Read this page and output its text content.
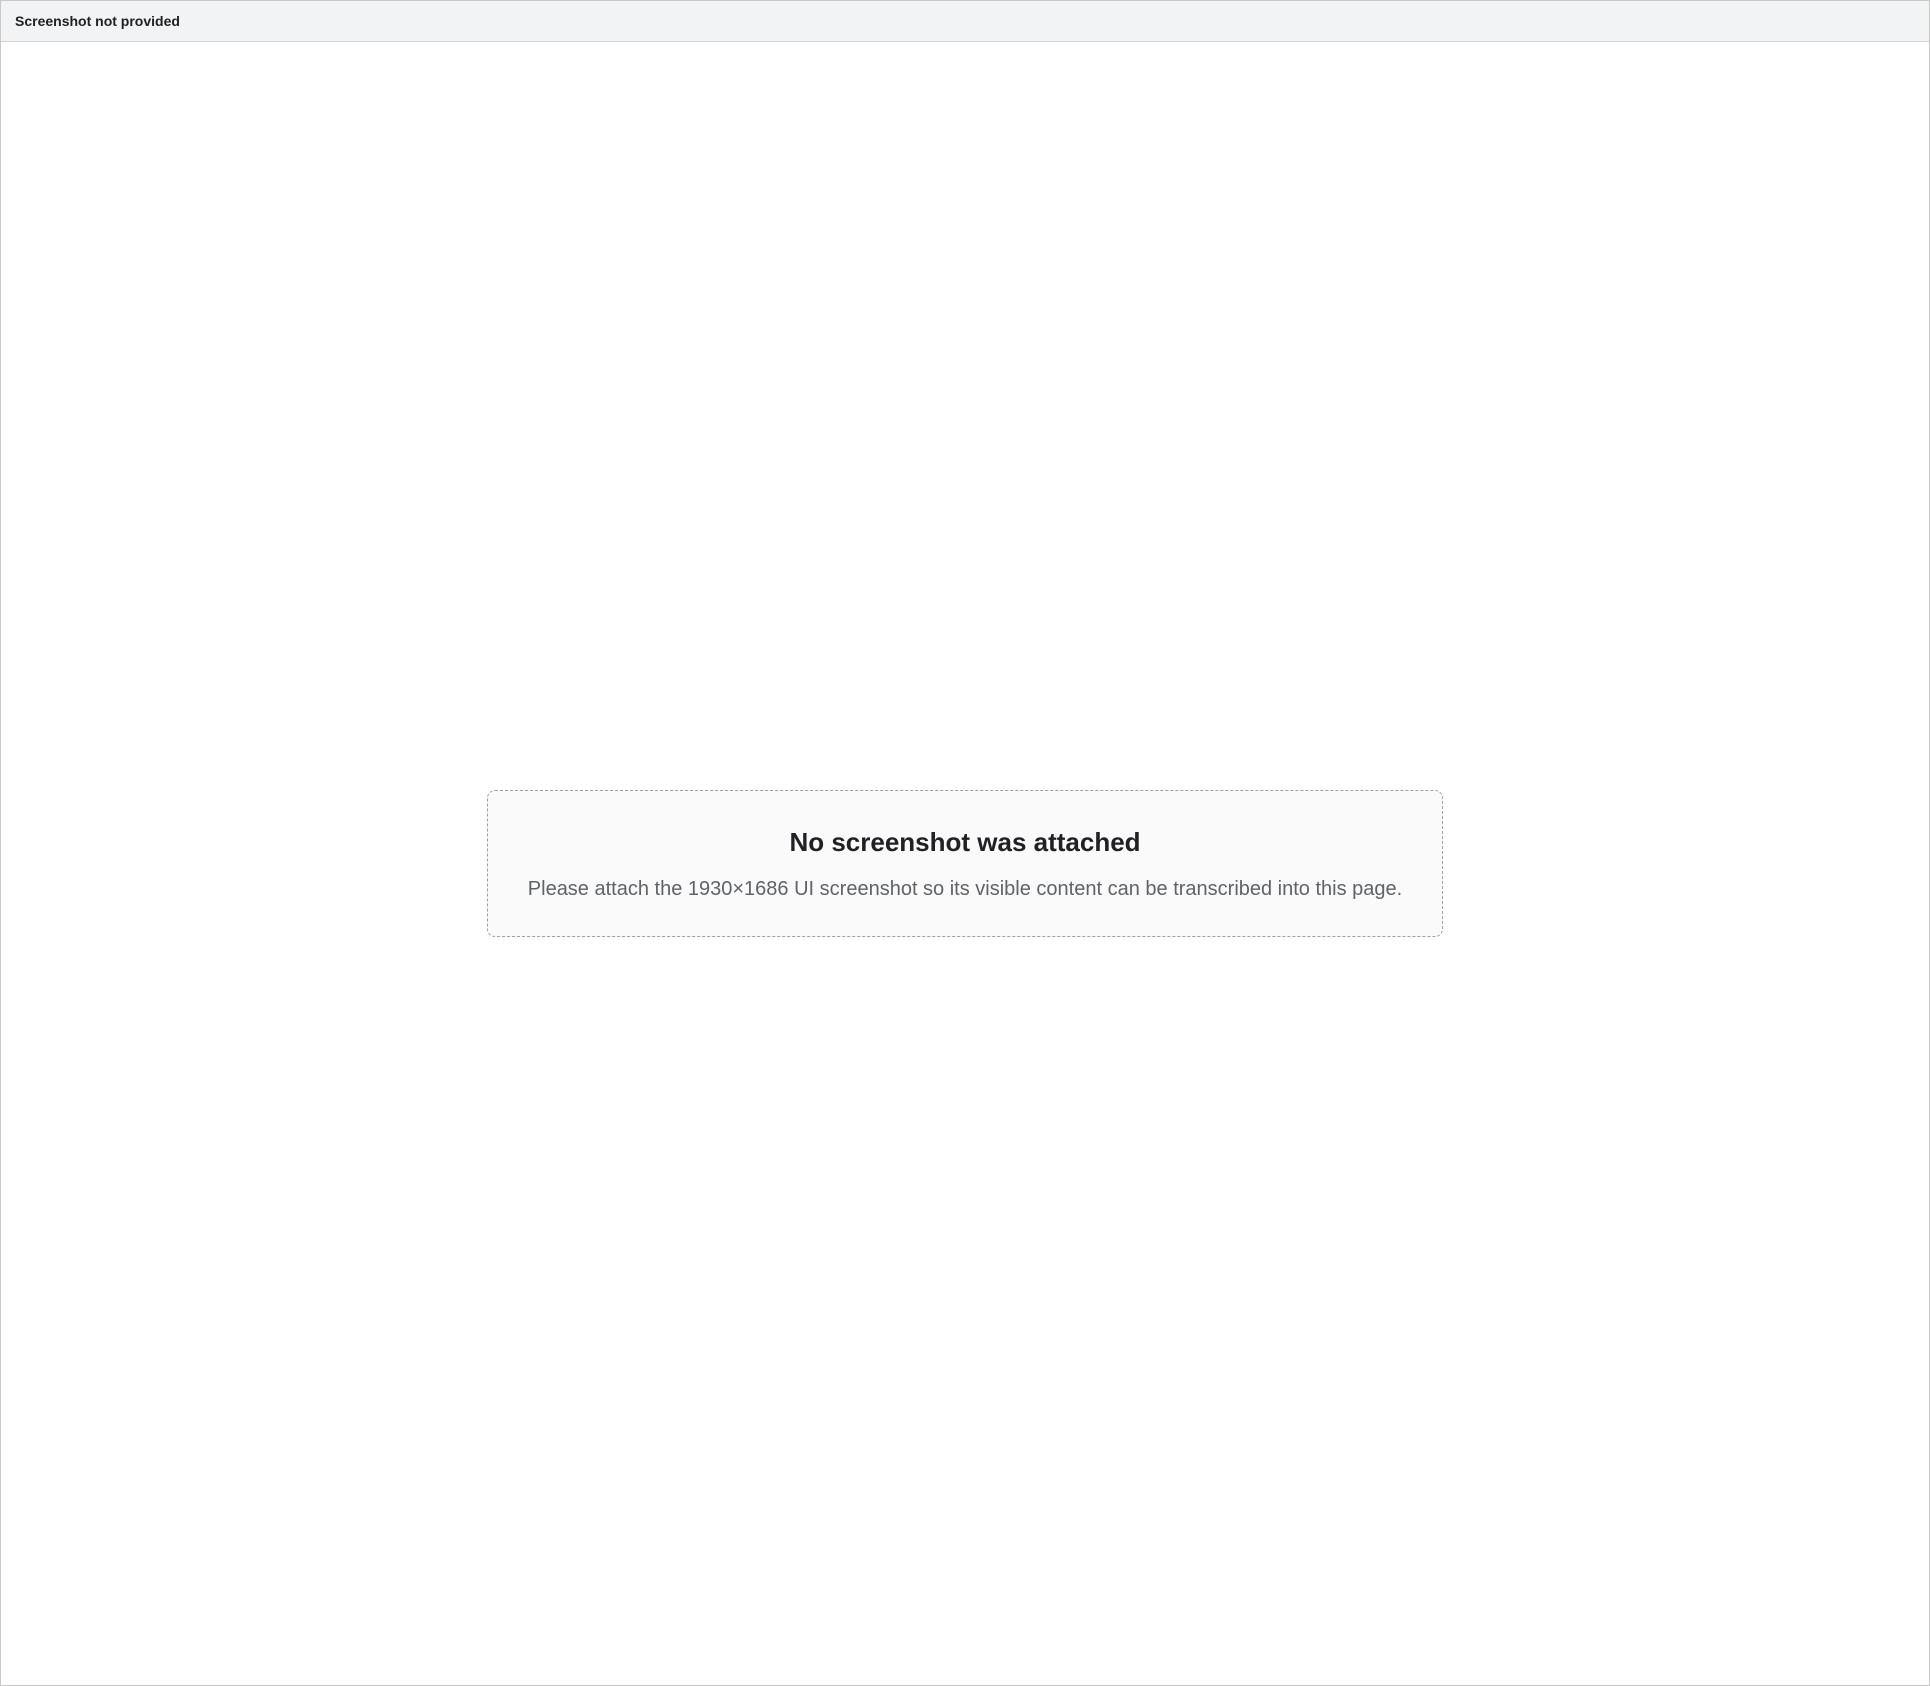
Screenshot not provided
No screenshot was attached
Please attach the 1930×1686 UI screenshot so its visible content can be transcribed into this page.
